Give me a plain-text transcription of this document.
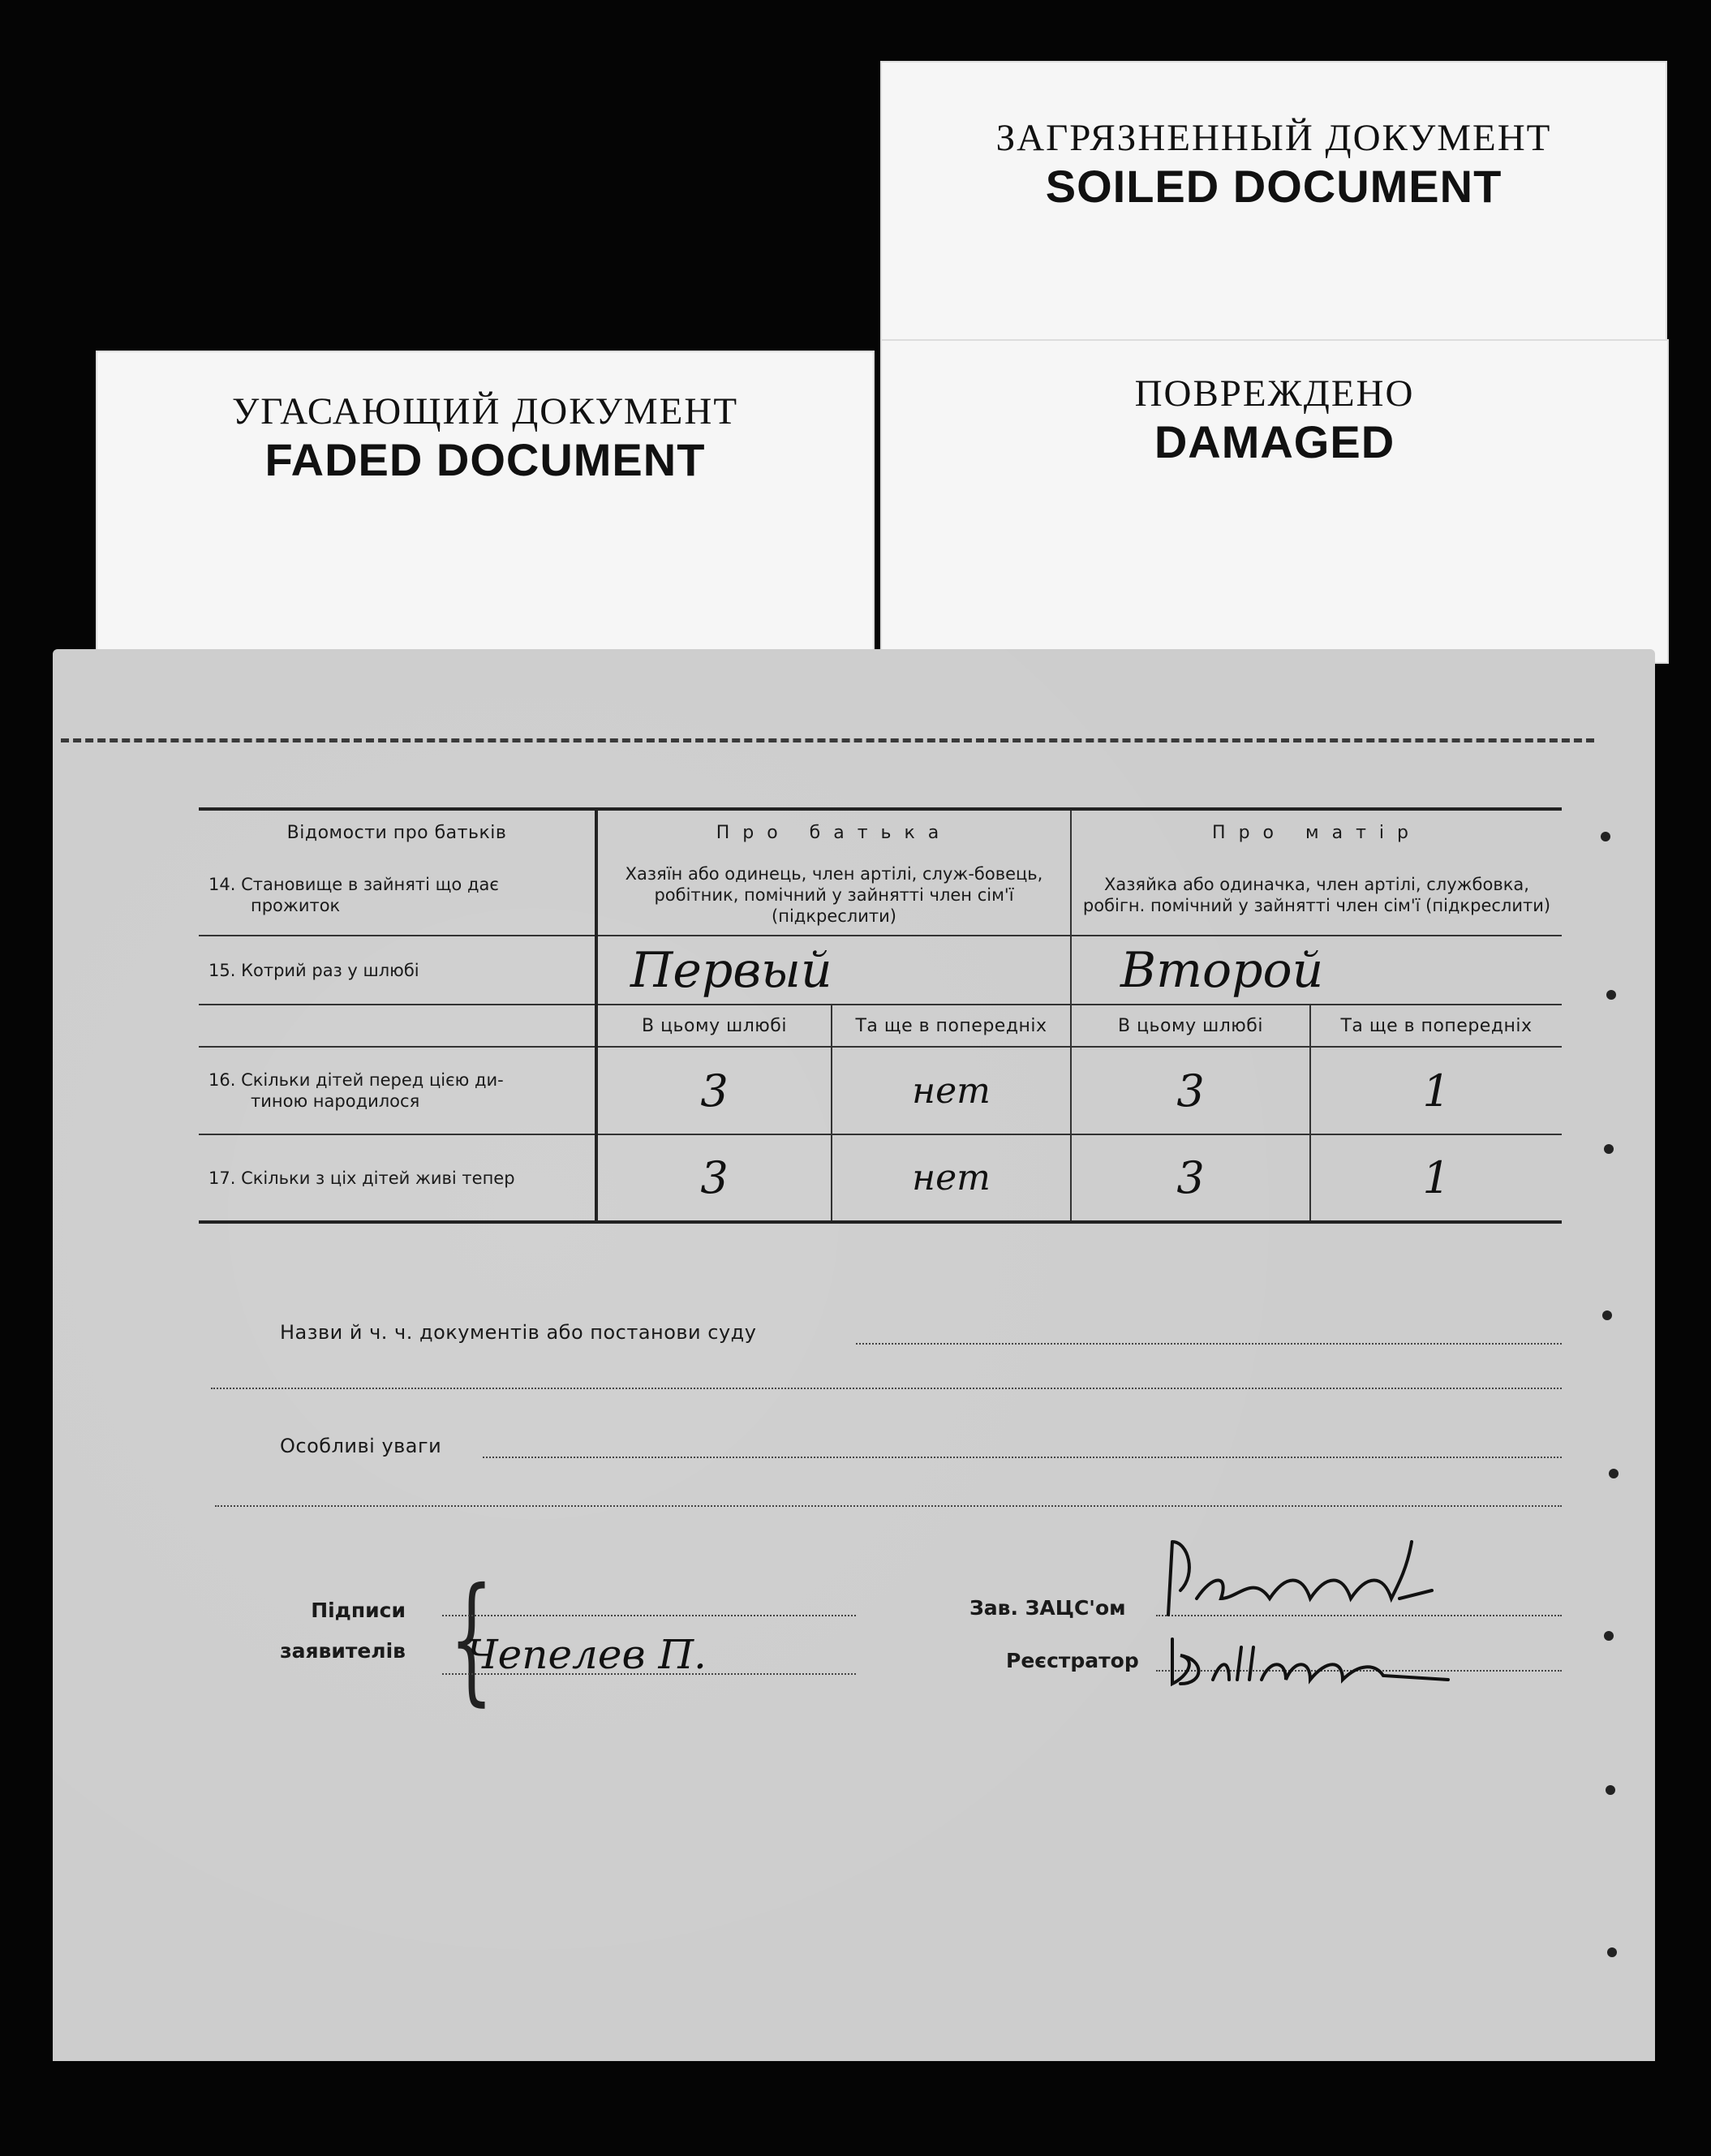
ЗАГРЯЗНЕННЫЙ ДОКУМЕНТ
SOILED DOCUMENT
УГАСАЮЩИЙ ДОКУМЕНТ
FADED DOCUMENT
ПОВРЕЖДЕНО
DAMAGED
Відомости про батьків	Про батька		Про матір	

14. Становище в зайняті що дає
прожиток	Хазяїн або одинець, член артілі, служ-бовець, робітник, помічний у зайнятті член сім'ї (підкреслити)		Хазяйка або одиначка, член артілі, службовка, робігн. помічний у зайнятті член сім'ї (підкреслити)	
15. Котрий раз у шлюбі	Первый		Второй	
	В цьому шлюбі	Та ще в попередніх	В цьому шлюбі	Та ще в попередніх

16. Скільки дітей перед цією ди-
тиною народилося	3	нет	3	1
17. Скільки з ціх дітей живі тепер	3	нет	3	1
Назви й ч. ч. документів або постанови суду
Особливі уваги
Підписи
заявителів {
Чепелев П.
Зав. ЗАЦС'ом
Реєстратор
